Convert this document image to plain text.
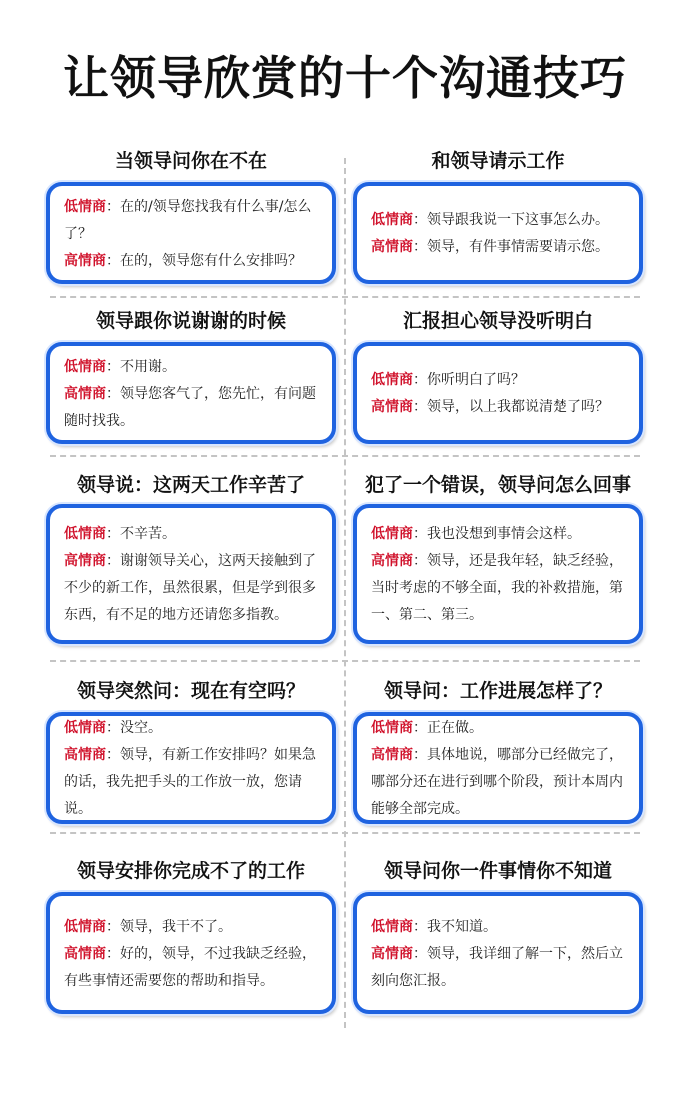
让领导欣赏的十个沟通技巧
当领导问你在不在
低情商：在的/领导您找我有什么事/怎么了？
高情商：在的，领导您有什么安排吗？
和领导请示工作
低情商：领导跟我说一下这事怎么办。
高情商：领导，有件事情需要请示您。
领导跟你说谢谢的时候
低情商：不用谢。
高情商：领导您客气了，您先忙，有问题随时找我。
汇报担心领导没听明白
低情商：你听明白了吗？
高情商：领导，以上我都说清楚了吗？
领导说：这两天工作辛苦了
低情商：不辛苦。
高情商：谢谢领导关心，这两天接触到了不少的新工作，虽然很累，但是学到很多东西，有不足的地方还请您多指教。
犯了一个错误，领导问怎么回事
低情商：我也没想到事情会这样。
高情商：领导，还是我年轻，缺乏经验，当时考虑的不够全面，我的补救措施，第一、第二、第三。
领导突然问：现在有空吗？
低情商：没空。
高情商：领导，有新工作安排吗？如果急的话，我先把手头的工作放一放，您请说。
领导问：工作进展怎样了？
低情商：正在做。
高情商：具体地说，哪部分已经做完了，哪部分还在进行到哪个阶段，预计本周内能够全部完成。
领导安排你完成不了的工作
低情商：领导，我干不了。
高情商：好的，领导，不过我缺乏经验，有些事情还需要您的帮助和指导。
领导问你一件事情你不知道
低情商：我不知道。
高情商：领导，我详细了解一下，然后立刻向您汇报。
